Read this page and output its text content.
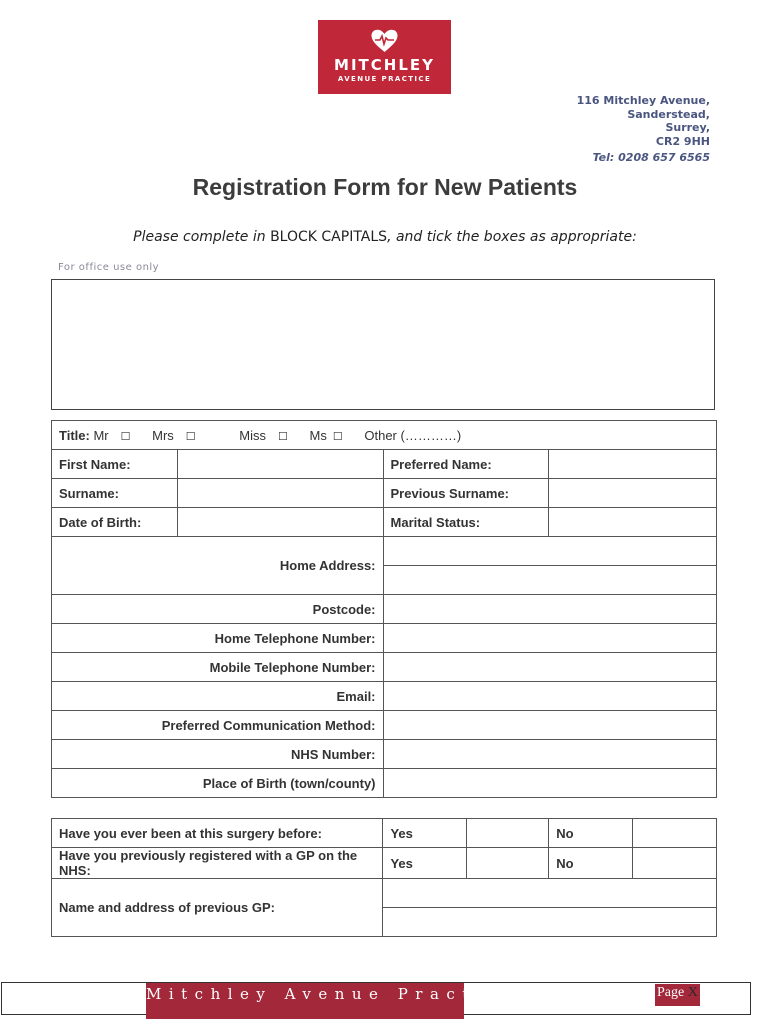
MITCHLEY
AVENUE PRACTICE
116 Mitchley Avenue,
Sanderstead,
Surrey,
CR2 9HH
Tel: 0208 657 6565
Registration Form for New Patients
Please complete in BLOCK CAPITALS, and tick the boxes as appropriate:
For office use only
Title: Mr ☐ Mrs ☐ Miss ☐ Ms ☐ Other (…………)			
First Name:		Preferred Name:	
Surname:		Previous Surname:	
Date of Birth:		Marital Status:	
Home Address:			

Postcode:			
Home Telephone Number:			
Mobile Telephone Number:			
Email:			
Preferred Communication Method:			
NHS Number:			
Place of Birth (town/county)			
Have you ever been at this surgery before:	Yes		No	
Have you previously registered with a GP on the NHS:	Yes		No	
Name and address of previous GP:				

Mitchley Avenue Practice	Page X
